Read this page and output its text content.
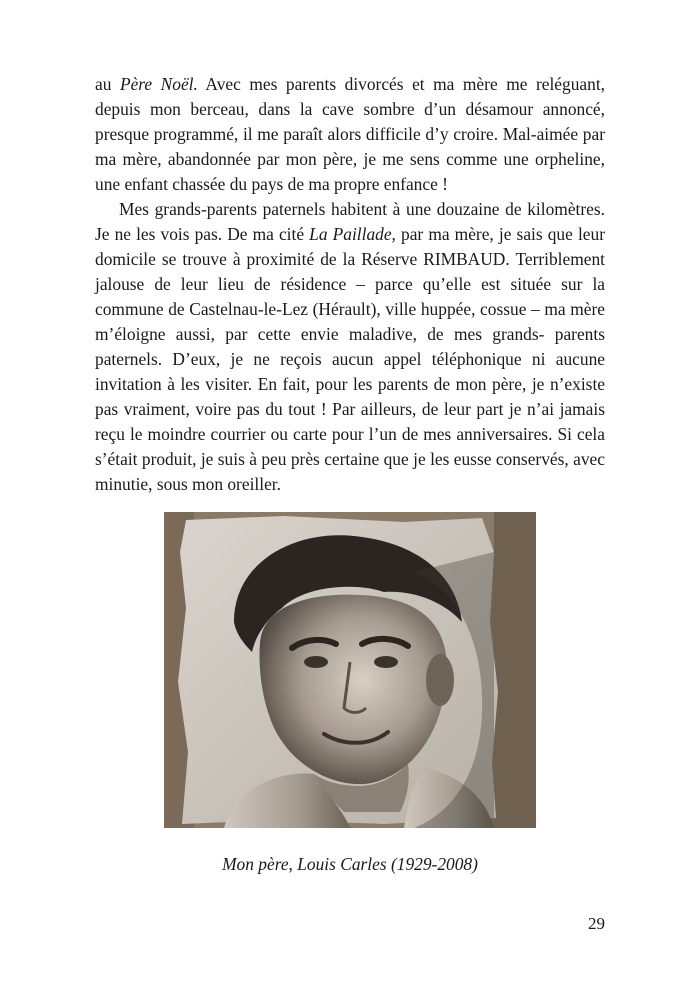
au Père Noël. Avec mes parents divorcés et ma mère me reléguant, depuis mon berceau, dans la cave sombre d’un désamour annoncé, presque programmé, il me paraît alors difficile d’y croire. Mal-aimée par ma mère, abandonnée par mon père, je me sens comme une orpheline, une enfant chassée du pays de ma propre enfance !

Mes grands-parents paternels habitent à une douzaine de kilomètres. Je ne les vois pas. De ma cité La Paillade, par ma mère, je sais que leur domicile se trouve à proximité de la Réserve RIMBAUD. Terriblement jalouse de leur lieu de résidence – parce qu’elle est située sur la commune de Castelnau-le-Lez (Hérault), ville huppée, cossue – ma mère m’éloigne aussi, par cette envie maladive, de mes grands- parents paternels. D’eux, je ne reçois aucun appel téléphonique ni aucune invitation à les visiter. En fait, pour les parents de mon père, je n’existe pas vraiment, voire pas du tout ! Par ailleurs, de leur part je n’ai jamais reçu le moindre courrier ou carte pour l’un de mes anniversaires. Si cela s’était produit, je suis à peu près certaine que je les eusse conservés, avec minutie, sous mon oreiller.

Mon père, Louis Carles (1929-2008)
29
